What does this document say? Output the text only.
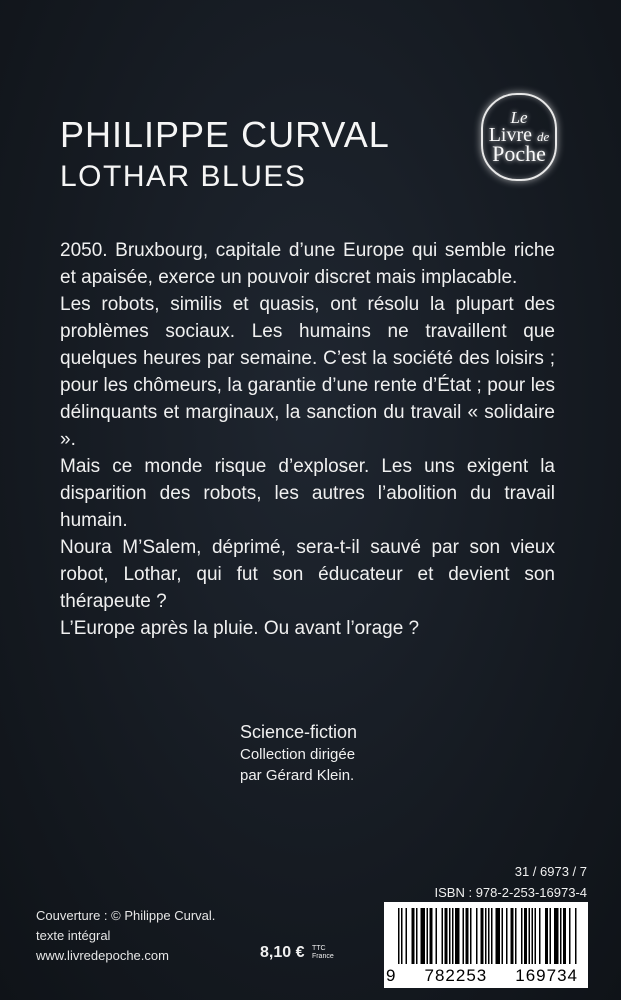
PHILIPPE CURVAL
LOTHAR BLUES
Le
Livre de
Poche

2050. Bruxbourg, capitale d’une Europe qui semble riche et apaisée, exerce un pouvoir discret mais implacable.

Les robots, similis et quasis, ont résolu la plupart des problèmes sociaux. Les humains ne travaillent que quelques heures par semaine. C’est la société des loisirs ; pour les chômeurs, la garantie d’une rente d’État ; pour les délinquants et marginaux, la sanction du travail « solidaire ».

Mais ce monde risque d’exploser. Les uns exigent la disparition des robots, les autres l’abolition du travail humain.

Noura M’Salem, déprimé, sera-t-il sauvé par son vieux robot, Lothar, qui fut son éducateur et devient son thérapeute ?

L’Europe après la pluie. Ou avant l’orage ?

Science-fiction
Collection dirigée
par Gérard Klein.
31 / 6973 / 7
ISBN : 978-2-253-16973-4
9 782253 169734
Couverture : © Philippe Curval.
texte intégral
www.livredepoche.com	8,10 € TTC
France
